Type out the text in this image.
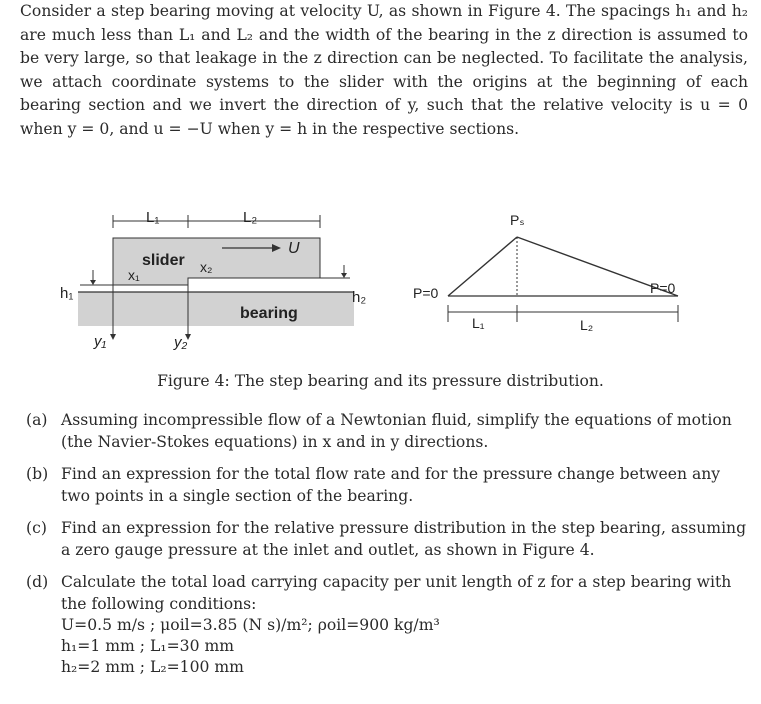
Consider a step bearing moving at velocity U, as shown in Figure 4. The spacings h₁ and h₂ are much less than L₁ and L₂ and the width of the bearing in the z direction is assumed to be very large, so that leakage in the z direction can be neglected. To facilitate the analysis, we attach coordinate systems to the slider with the origins at the beginning of each bearing section and we invert the direction of y, such that the relative velocity is u = 0 when y = 0, and u = −U when y = h in the respective sections.

L₁	L₂
slider
U
x₁	x₂
h₁	h₂
bearing
y₁	y₂
Pₛ
P=0	P=0
L₁	L₂

Figure 4: The step bearing and its pressure distribution.

(a) Assuming incompressible flow of a Newtonian fluid, simplify the equations of motion (the Navier-Stokes equations) in x and in y directions.
(b) Find an expression for the total flow rate and for the pressure change between any two points in a single section of the bearing.
(c) Find an expression for the relative pressure distribution in the step bearing, assuming a zero gauge pressure at the inlet and outlet, as shown in Figure 4.
(d) Calculate the total load carrying capacity per unit length of z for a step bearing with the following conditions:
U=0.5 m/s ; μoil=3.85 (N s)/m²; ρoil=900 kg/m³
h₁=1 mm ; L₁=30 mm
h₂=2 mm ; L₂=100 mm
